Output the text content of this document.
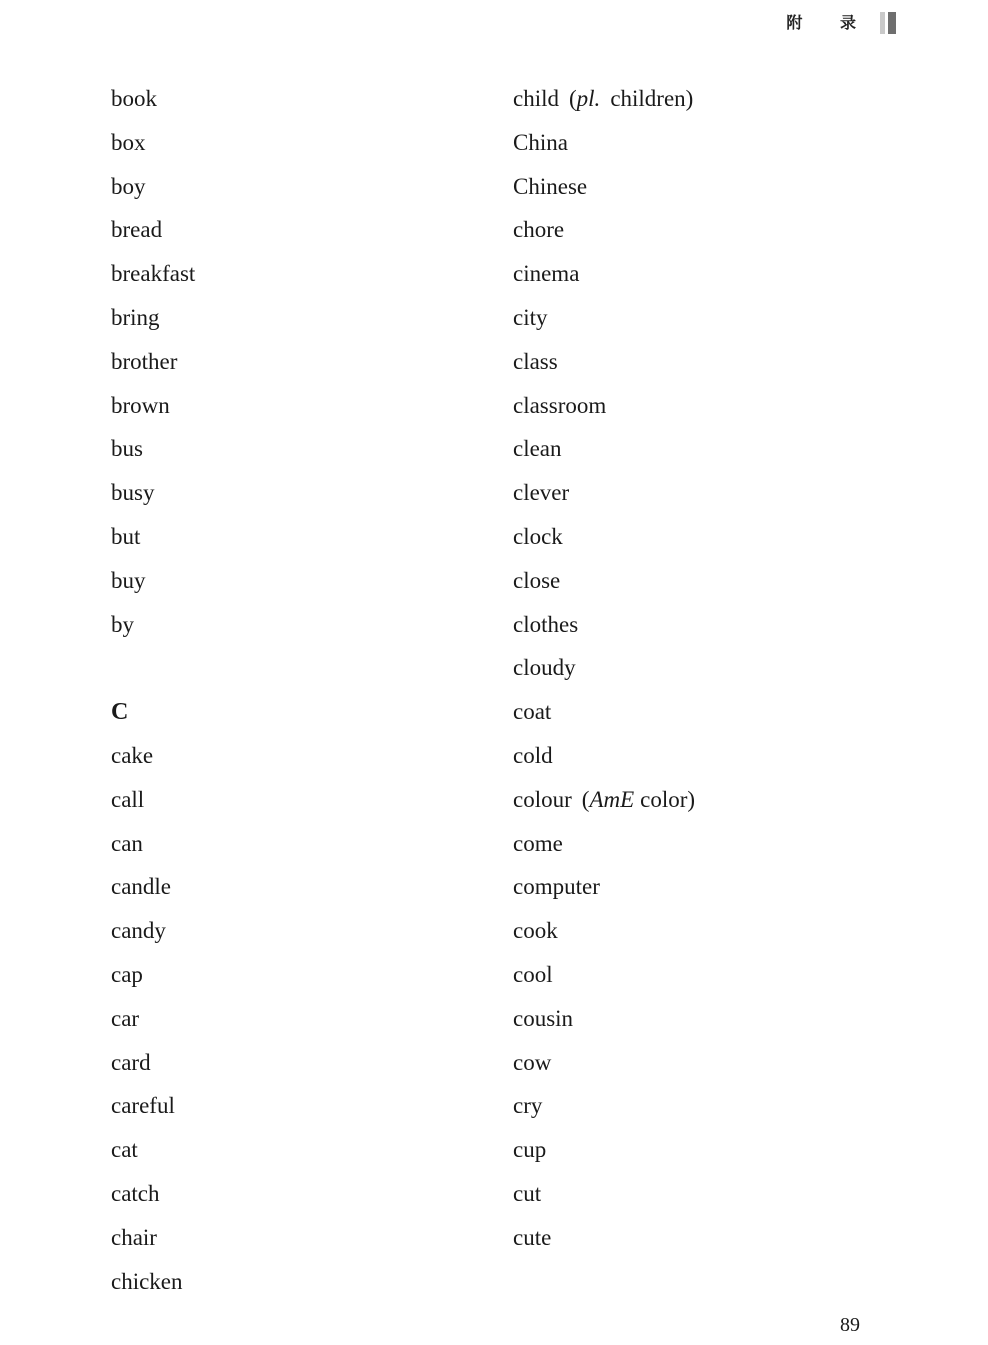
附 录
book
box
boy
bread
breakfast
bring
brother
brown
bus
busy
but
buy
by
C
cake
call
can
candle
candy
cap
car
card
careful
cat
catch
chair
chicken
child (pl. children)
China
Chinese
chore
cinema
city
class
classroom
clean
clever
clock
close
clothes
cloudy
coat
cold
colour (AmE color)
come
computer
cook
cool
cousin
cow
cry
cup
cut
cute
89
